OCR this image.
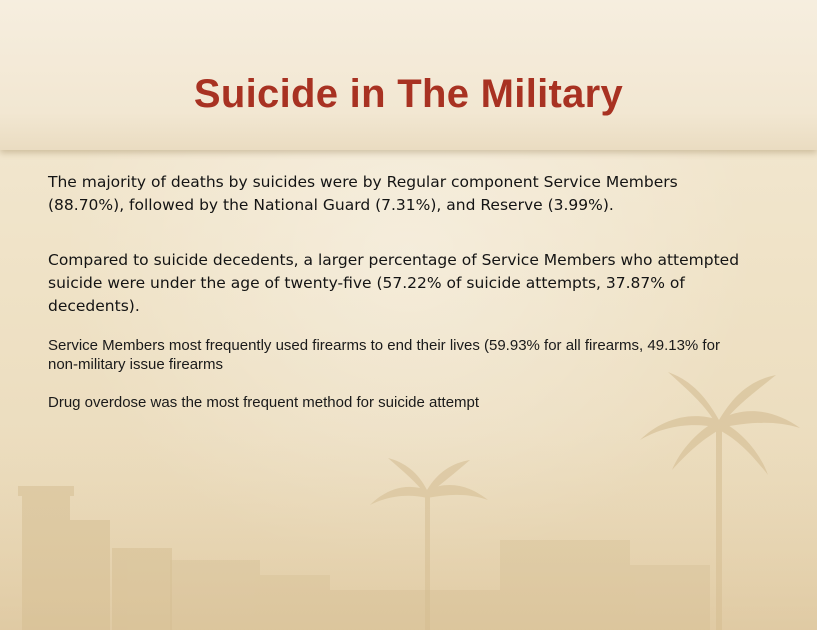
Suicide in The Military

The majority of deaths by suicides were by Regular component Service Members (88.70%), followed by the National Guard (7.31%), and Reserve (3.99%).

Compared to suicide decedents, a larger percentage of Service Members who attempted suicide were under the age of twenty-five (57.22% of suicide attempts, 37.87% of decedents).

Service Members most frequently used firearms to end their lives (59.93% for all firearms, 49.13% for non-military issue firearms

Drug overdose was the most frequent method for suicide attempt
